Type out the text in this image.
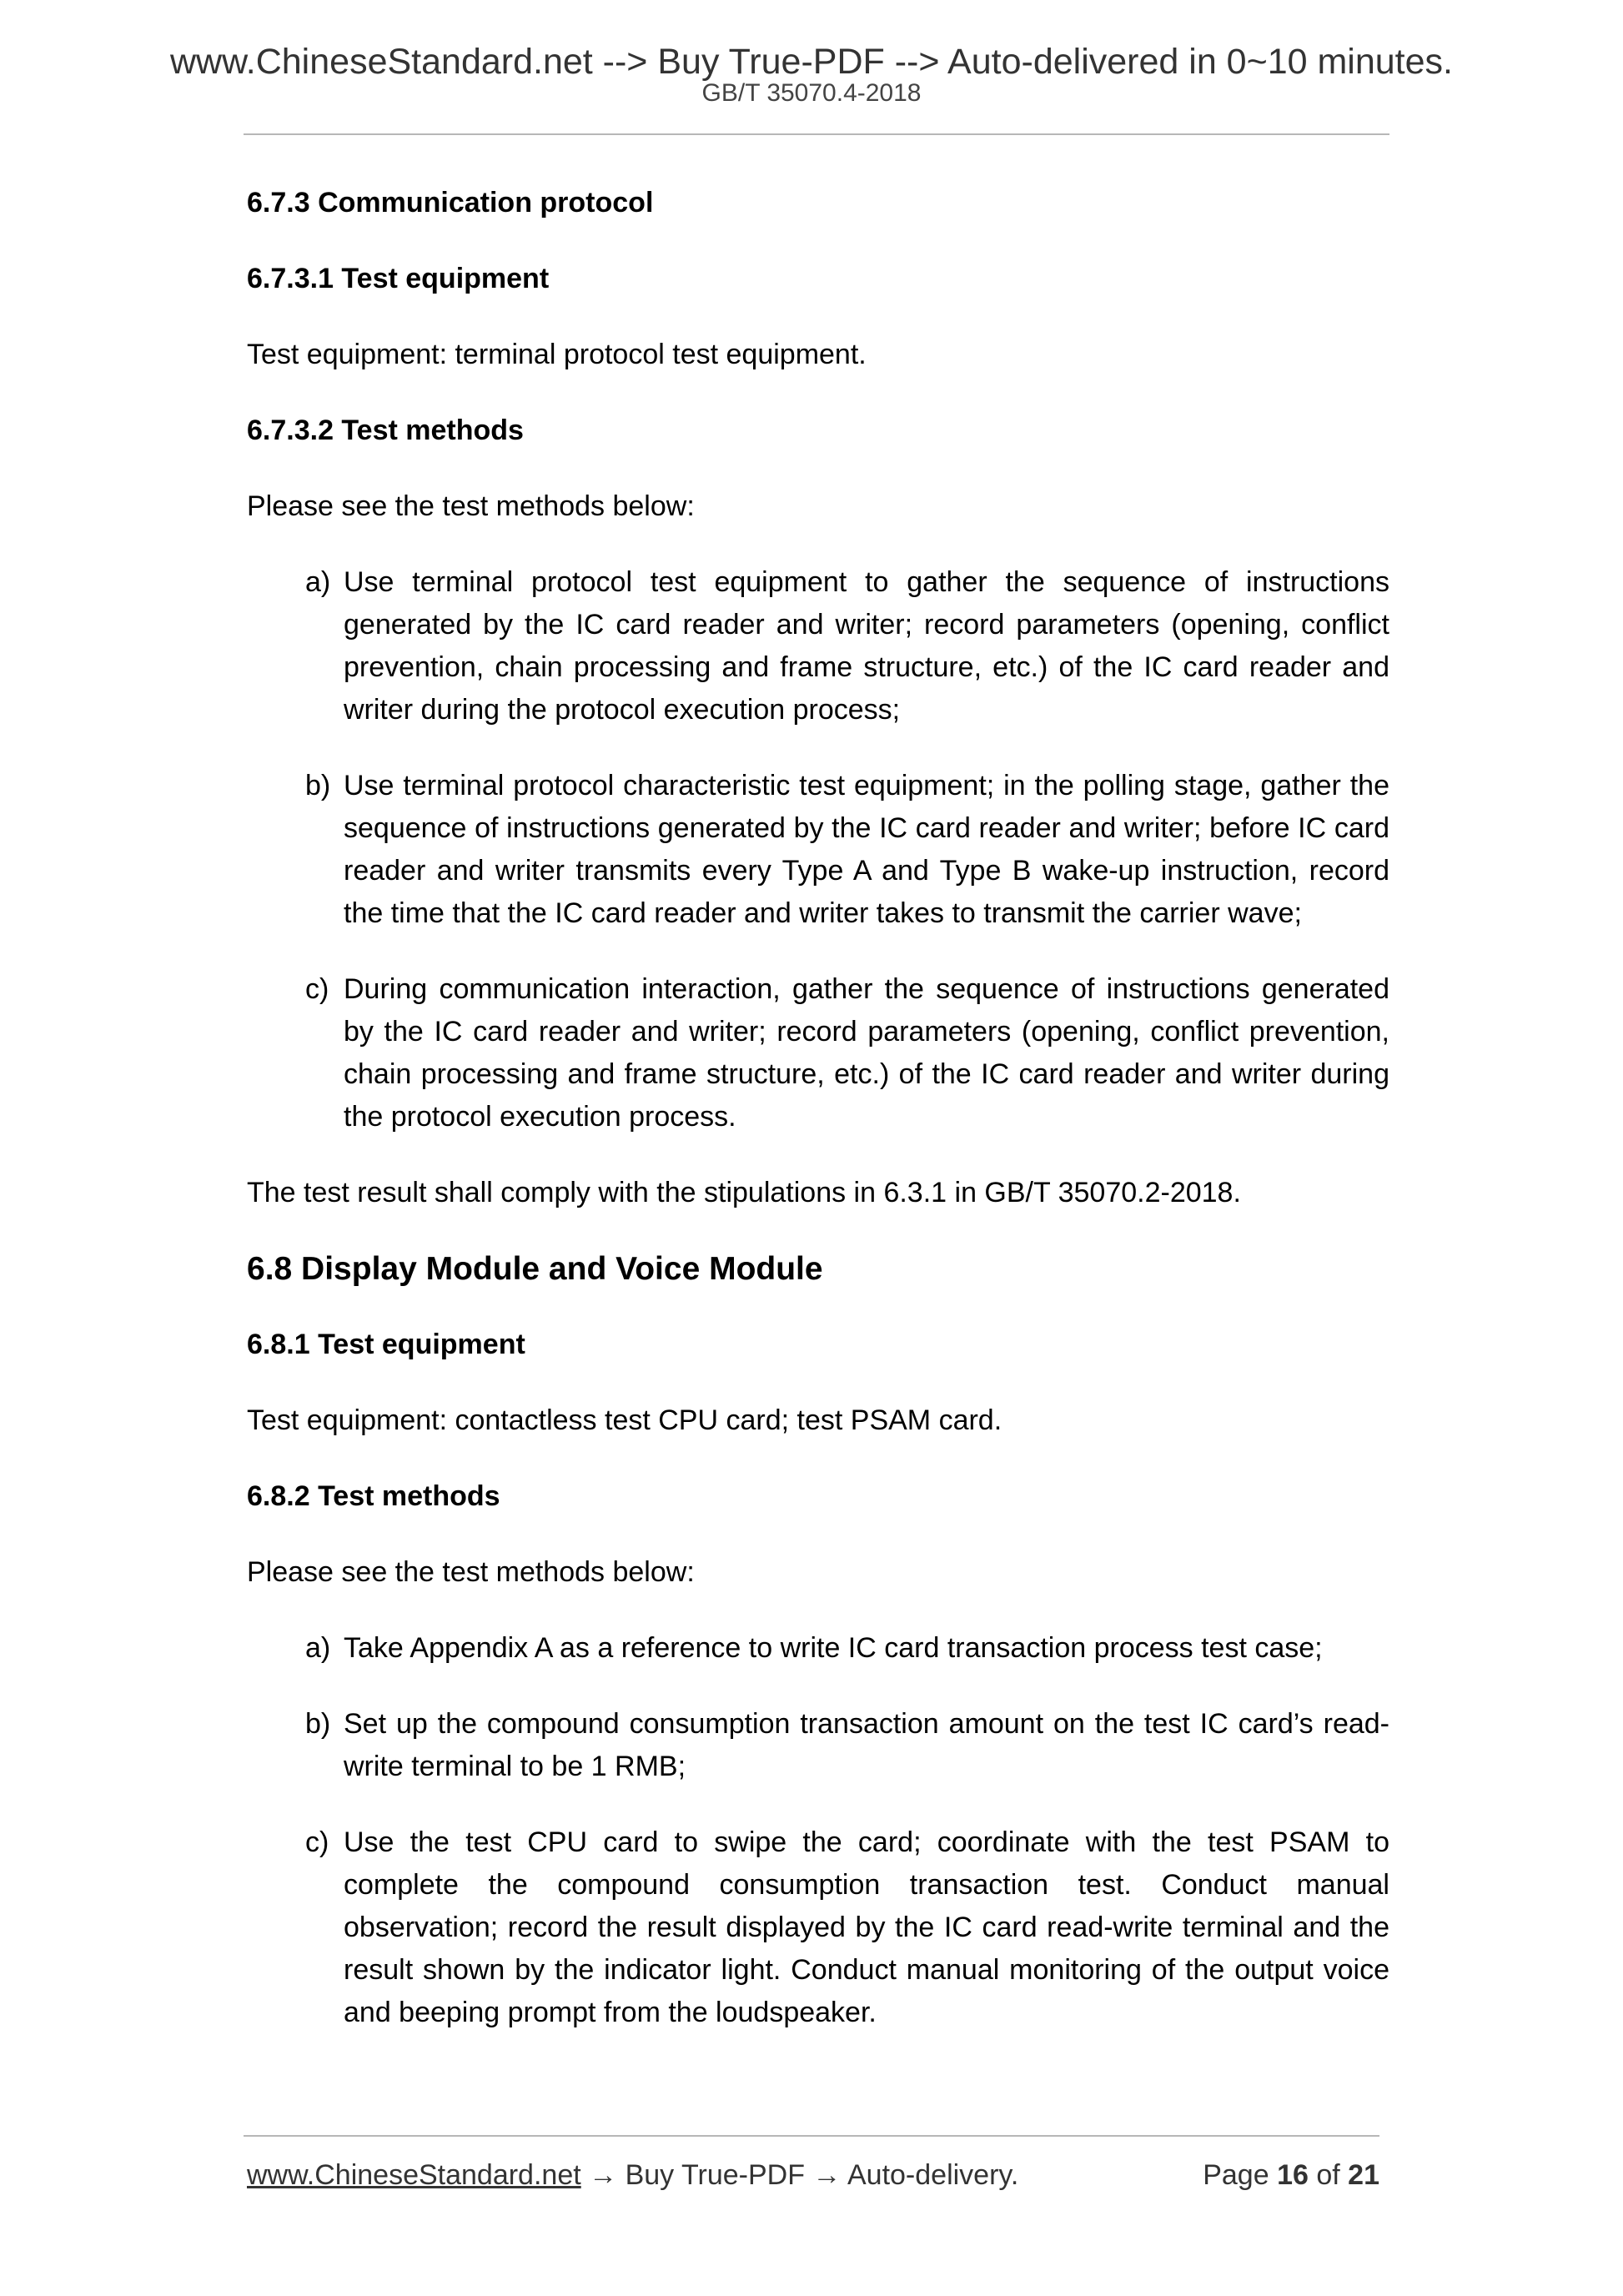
www.ChineseStandard.net --> Buy True-PDF --> Auto-delivered in 0~10 minutes.
GB/T 35070.4-2018
6.7.3 Communication protocol
6.7.3.1 Test equipment
Test equipment: terminal protocol test equipment.
6.7.3.2 Test methods
Please see the test methods below:
a) Use terminal protocol test equipment to gather the sequence of instructions generated by the IC card reader and writer; record parameters (opening, conflict prevention, chain processing and frame structure, etc.) of the IC card reader and writer during the protocol execution process;
b) Use terminal protocol characteristic test equipment; in the polling stage, gather the sequence of instructions generated by the IC card reader and writer; before IC card reader and writer transmits every Type A and Type B wake-up instruction, record the time that the IC card reader and writer takes to transmit the carrier wave;
c) During communication interaction, gather the sequence of instructions generated by the IC card reader and writer; record parameters (opening, conflict prevention, chain processing and frame structure, etc.) of the IC card reader and writer during the protocol execution process.
The test result shall comply with the stipulations in 6.3.1 in GB/T 35070.2-2018.
6.8 Display Module and Voice Module
6.8.1 Test equipment
Test equipment: contactless test CPU card; test PSAM card.
6.8.2 Test methods
Please see the test methods below:
a) Take Appendix A as a reference to write IC card transaction process test case;
b) Set up the compound consumption transaction amount on the test IC card’s read-write terminal to be 1 RMB;
c) Use the test CPU card to swipe the card; coordinate with the test PSAM to complete the compound consumption transaction test. Conduct manual observation; record the result displayed by the IC card read-write terminal and the result shown by the indicator light. Conduct manual monitoring of the output voice and beeping prompt from the loudspeaker.
www.ChineseStandard.net → Buy True-PDF → Auto-delivery.	Page 16 of 21
